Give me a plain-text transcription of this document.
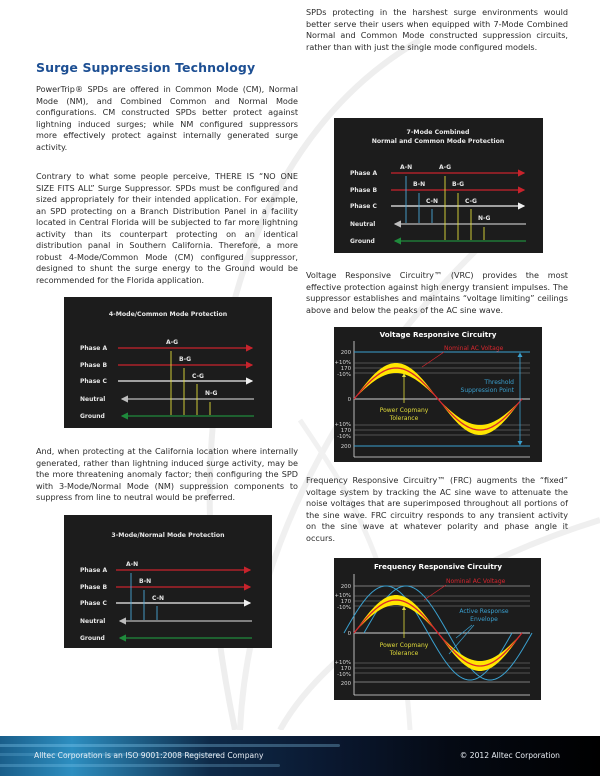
Surge Suppression Technology

PowerTrip® SPDs are offered in Common Mode (CM), Normal Mode (NM), and Combined Common and Normal Mode configurations. CM constructed SPDs better protect against lightning induced surges; while NM configured suppressors more effectively protect against internally generated surge activity.

Contrary to what some people perceive, THERE IS “NO ONE SIZE FITS ALL” Surge Suppressor. SPDs must be configured and sized appropriately for their intended application. For example, an SPD protecting on a Branch Distribution Panel in a facility located in Central Florida will be subjected to far more lightning activity than its counterpart protecting on an identical distribution panal in Southern California. Therefore, a more robust 4-Mode/Common Mode (CM) configured suppressor, designed to shunt the surge energy to the Ground would be recommended for the Florida application.

4-Mode/Common Mode Protection
Phase A
Phase B
Phase C
Neutral
Ground
A-G
B-G
C-G
N-G

And, when protecting at the California location where internally generated, rather than lightning induced surge activity, may be the more threatening anomaly factor; then configuring the SPD with 3-Mode/Normal Mode (NM) suppression components to suppress from line to neutral would be preferred.

3-Mode/Normal Mode Protection
Phase A
Phase B
Phase C
Neutral
Ground
A-N
B-N
C-N

SPDs protecting in the harshest surge environments would better serve their users when equipped with 7-Mode Combined Normal and Common Mode constructed suppression circuits, rather than with just the single mode configured models.

7-Mode Combined
Normal and Common Mode Protection
Phase A
Phase B
Phase C
Neutral
Ground
A-N
B-N
C-N
A-G
B-G
C-G
N-G

Voltage Responsive Circuitry™ (VRC) provides the most effective protection against high energy transient impulses. The suppressor establishes and maintains “voltage limiting” ceilings above and below the peaks of the AC sine wave.

Voltage Responsive Circuitry
200
+10%
170
-10%
0
+10%
170
-10%
200
Threshold
Suppression Point
Nominal AC Voltage
Power Copmany
Tolerance

Frequency Responsive Circuitry™ (FRC) augments the “fixed” voltage system by tracking the AC sine wave to attenuate the noise voltages that are superimposed throughout all portions of the sine wave. FRC circuitry responds to any transient activity on the sine wave at whatever polarity and phase angle it occurs.

Frequency Responsive Circuitry
200
+10%
170
-10%
0
+10%
170
-10%
200
Nominal AC Voltage
Active Response
Envelope
Power Copmany
Tolerance
Alltec Corporation is an ISO 9001:2008 Registered Company	© 2012 Alltec Corporation
